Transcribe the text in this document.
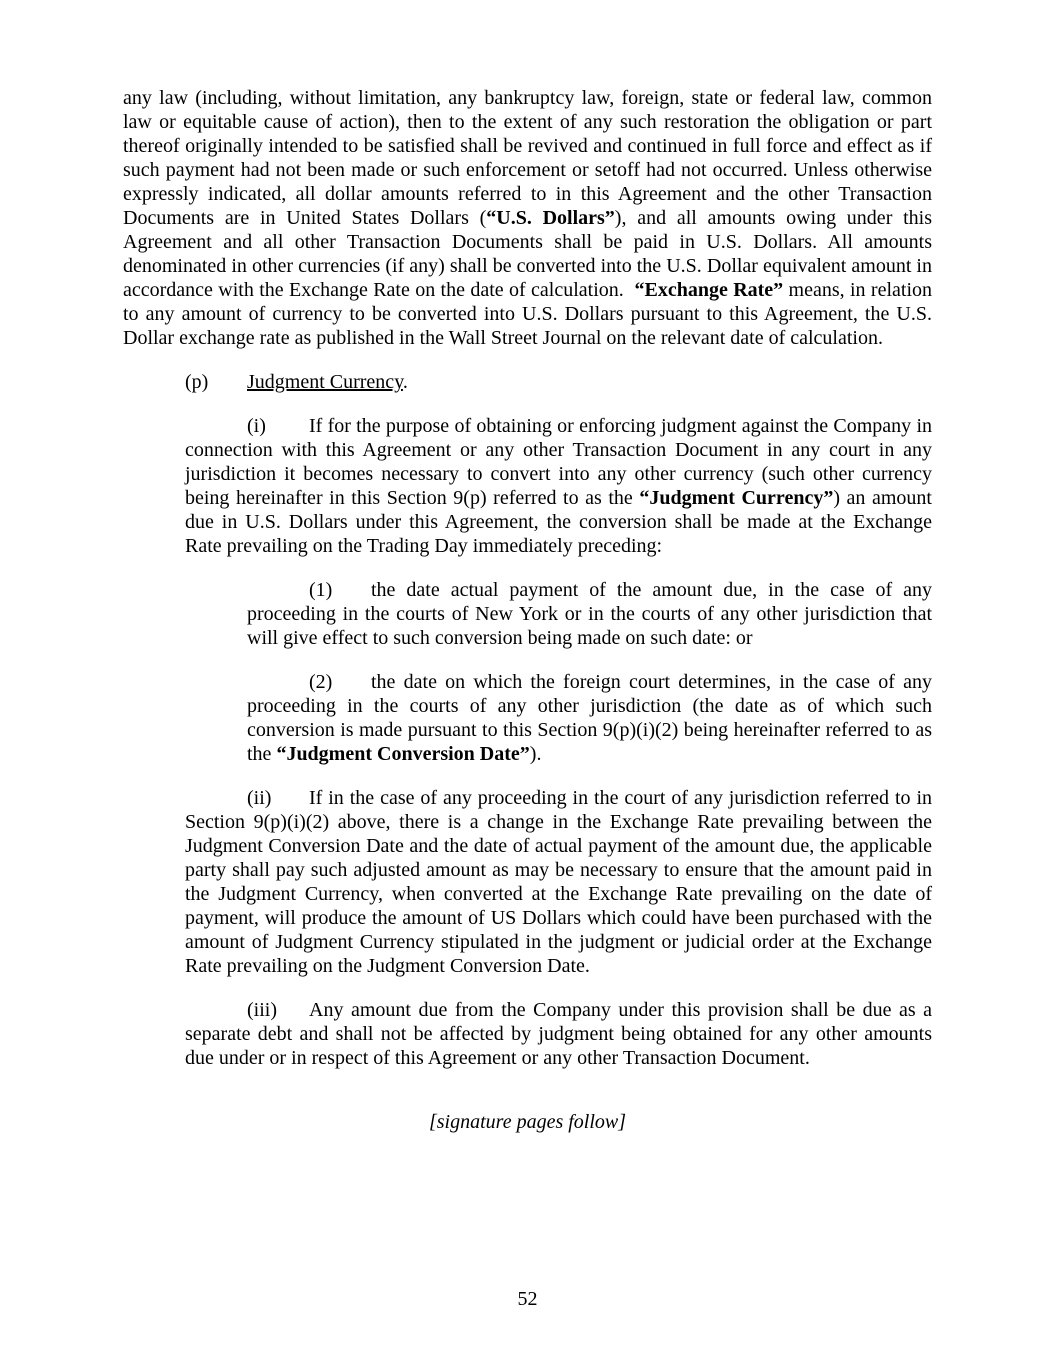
any law (including, without limitation, any bankruptcy law, foreign, state or federal law, common law or equitable cause of action), then to the extent of any such restoration the obligation or part thereof originally intended to be satisfied shall be revived and continued in full force and effect as if such payment had not been made or such enforcement or setoff had not occurred. Unless otherwise expressly indicated, all dollar amounts referred to in this Agreement and the other Transaction Documents are in United States Dollars (“U.S. Dollars”), and all amounts owing under this Agreement and all other Transaction Documents shall be paid in U.S. Dollars. All amounts denominated in other currencies (if any) shall be converted into the U.S. Dollar equivalent amount in accordance with the Exchange Rate on the date of calculation.  “Exchange Rate” means, in relation to any amount of currency to be converted into U.S. Dollars pursuant to this Agreement, the U.S. Dollar exchange rate as published in the Wall Street Journal on the relevant date of calculation.

(p) Judgment Currency.

(i) If for the purpose of obtaining or enforcing judgment against the Company in connection with this Agreement or any other Transaction Document in any court in any jurisdiction it becomes necessary to convert into any other currency (such other currency being hereinafter in this Section 9(p) referred to as the “Judgment Currency”) an amount due in U.S. Dollars under this Agreement, the conversion shall be made at the Exchange Rate prevailing on the Trading Day immediately preceding:

(1) the date actual payment of the amount due, in the case of any proceeding in the courts of New York or in the courts of any other jurisdiction that will give effect to such conversion being made on such date: or

(2) the date on which the foreign court determines, in the case of any proceeding in the courts of any other jurisdiction (the date as of which such conversion is made pursuant to this Section 9(p)(i)(2) being hereinafter referred to as the “Judgment Conversion Date”).

(ii) If in the case of any proceeding in the court of any jurisdiction referred to in Section 9(p)(i)(2) above, there is a change in the Exchange Rate prevailing between the Judgment Conversion Date and the date of actual payment of the amount due, the applicable party shall pay such adjusted amount as may be necessary to ensure that the amount paid in the Judgment Currency, when converted at the Exchange Rate prevailing on the date of payment, will produce the amount of US Dollars which could have been purchased with the amount of Judgment Currency stipulated in the judgment or judicial order at the Exchange Rate prevailing on the Judgment Conversion Date.

(iii) Any amount due from the Company under this provision shall be due as a separate debt and shall not be affected by judgment being obtained for any other amounts due under or in respect of this Agreement or any other Transaction Document.

[signature pages follow]

52
